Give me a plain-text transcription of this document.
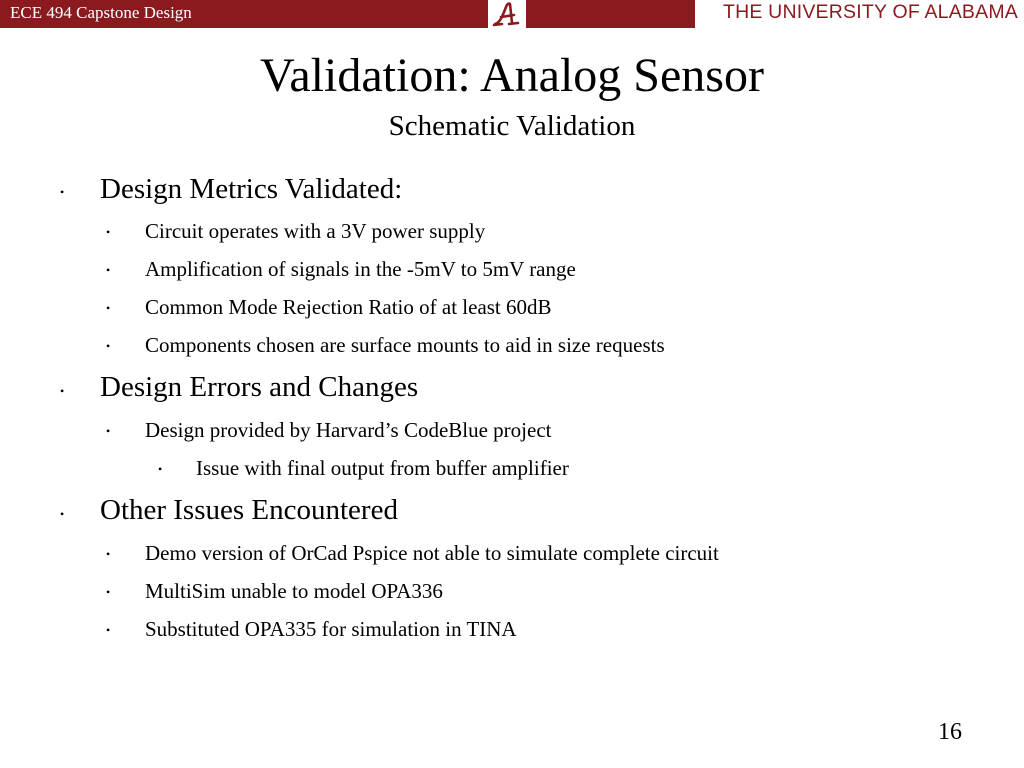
ECE 494 Capstone Design	THE UNIVERSITY OF ALABAMA
Validation: Analog Sensor
Schematic Validation
• Design Metrics Validated:
• Circuit operates with a 3V power supply
• Amplification of signals in the -5mV to 5mV range
• Common Mode Rejection Ratio of at least 60dB
• Components chosen are surface mounts to aid in size requests
• Design Errors and Changes
• Design provided by Harvard’s CodeBlue project
• Issue with final output from buffer amplifier
• Other Issues Encountered
• Demo version of OrCad Pspice not able to simulate complete circuit
• MultiSim unable to model OPA336
• Substituted OPA335 for simulation in TINA
16
